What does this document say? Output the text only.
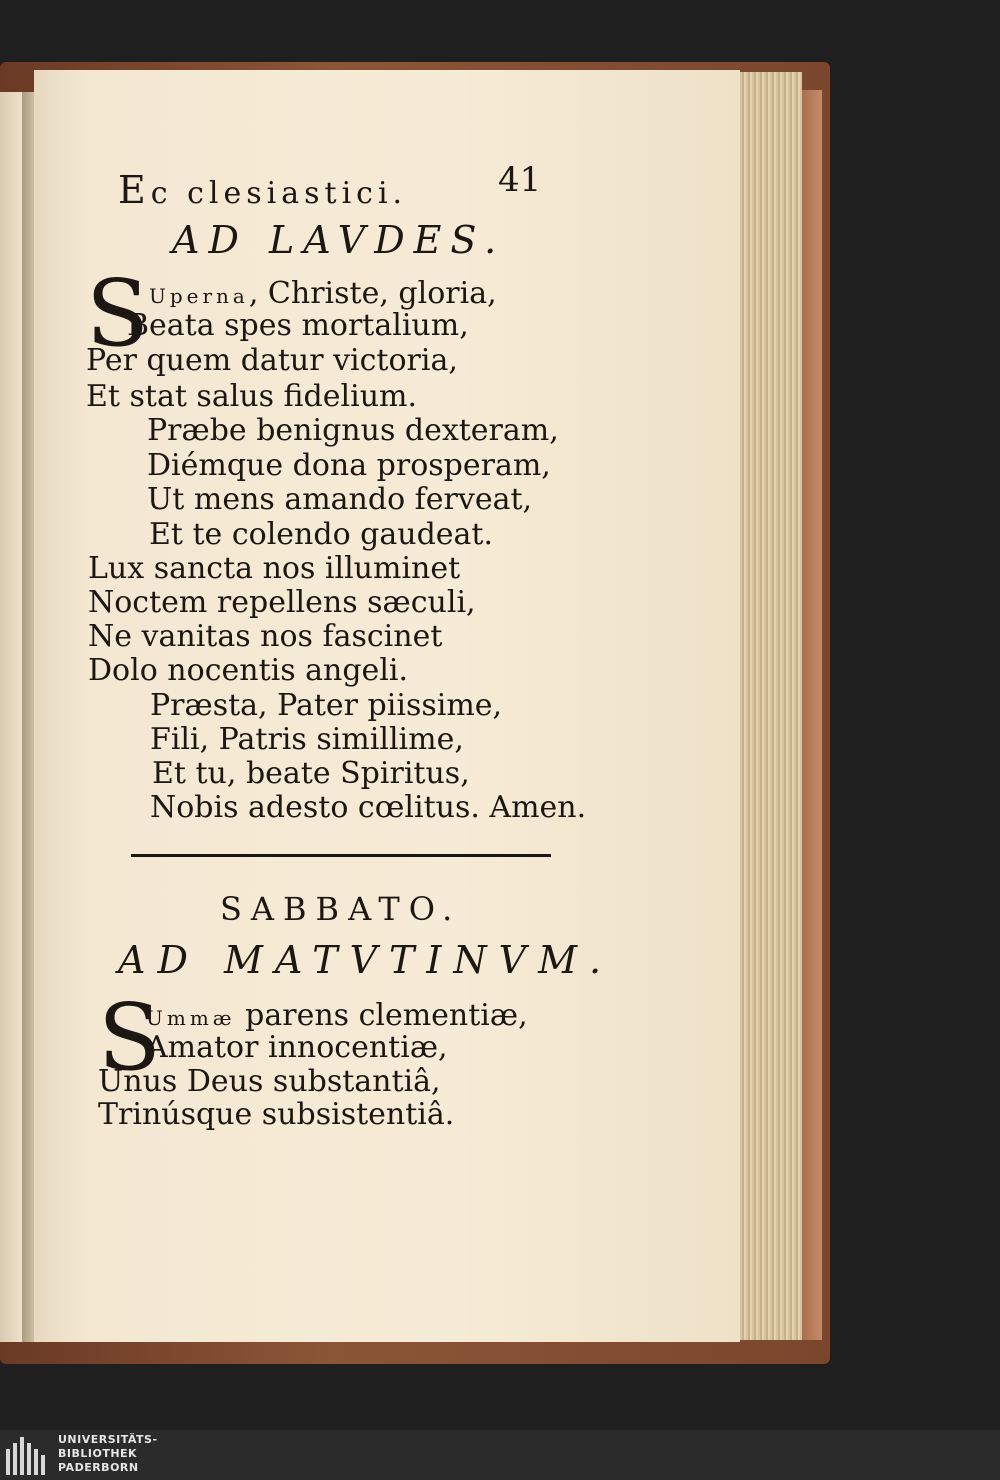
Ec clesiastici.	41
AD LAVDES.
S Uperna, Christe, gloria,
Beata spes mortalium,
Per quem datur victoria,
Et stat salus fidelium.
Præbe benignus dexteram,
Diémque dona prosperam,
Ut mens amando ferveat,
Et te colendo gaudeat.
Lux sancta nos illuminet
Noctem repellens sæculi,
Ne vanitas nos fascinet
Dolo nocentis angeli.
Præsta, Pater piissime,
Fili, Patris simillime,
Et tu, beate Spiritus,
Nobis adesto cœlitus. Amen.
SABBATO.
AD MATVTINVM.
S
Ummæ parens clementiæ,
Amator innocentiæ,
Unus Deus substantiâ,
Trinúsque subsistentiâ.
UNIVERSITÄTS-
BIBLIOTHEK
PADERBORN
